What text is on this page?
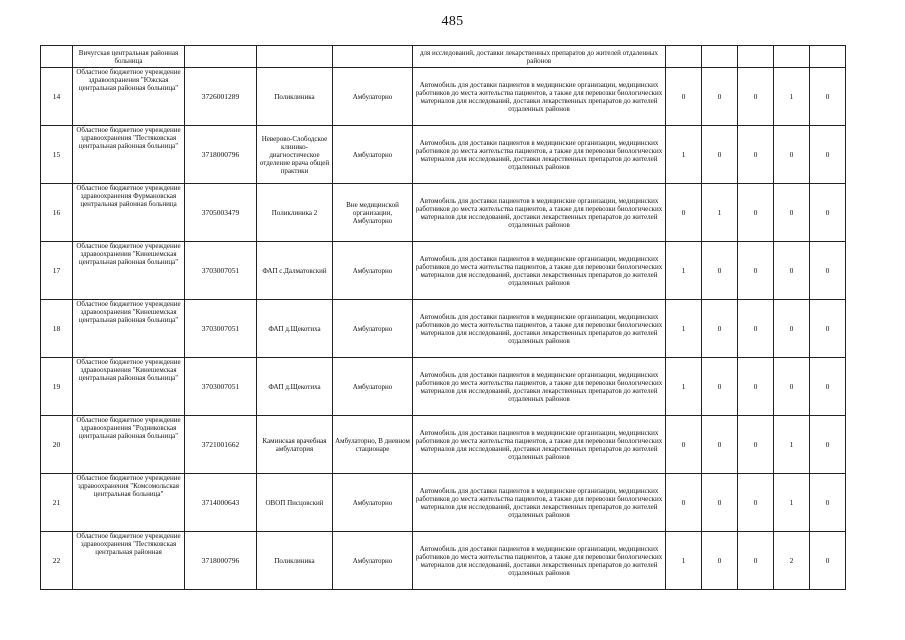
485
	Вичугская центральная районная больница				для исследований, доставки лекарственных препаратов до жителей отдаленных районов					
14	Областное бюджетное учреждение здравоохранения "Южская центральная районная больница"	3726001289	Поликлиника	Амбулаторно	Автомобиль для доставки пациентов в медицинские организации, медицинских работников до места жительства пациентов, а также для перевозки биологических материалов для исследований, доставки лекарственных препаратов до жителей отдаленных районов	0	0	0	1	0
15	Областное бюджетное учреждение здравоохранения "Пестяковская центральная районная больница"	3718000796	Неверово-Слободское клинико-диагностическое отделение врача общей практики	Амбулаторно	Автомобиль для доставки пациентов в медицинские организации, медицинских работников до места жительства пациентов, а также для перевозки биологических материалов для исследований, доставки лекарственных препаратов до жителей отдаленных районов	1	0	0	0	0
16	Областное бюджетное учреждение здравоохранения Фурмановская центральная районная больница	3705003479	Поликлиника 2	Вне медицинской организации, Амбулаторно	Автомобиль для доставки пациентов в медицинские организации, медицинских работников до места жительства пациентов, а также для перевозки биологических материалов для исследований, доставки лекарственных препаратов до жителей отдаленных районов	0	1	0	0	0
17	Областное бюджетное учреждение здравоохранения "Кинешемская центральная районная больница"	3703007051	ФАП с.Далматовский	Амбулаторно	Автомобиль для доставки пациентов в медицинские организации, медицинских работников до места жительства пациентов, а также для перевозки биологических материалов для исследований, доставки лекарственных препаратов до жителей отдаленных районов	1	0	0	0	0
18	Областное бюджетное учреждение здравоохранения "Кинешемская центральная районная больница"	3703007051	ФАП д.Щекотиха	Амбулаторно	Автомобиль для доставки пациентов в медицинские организации, медицинских работников до места жительства пациентов, а также для перевозки биологических материалов для исследований, доставки лекарственных препаратов до жителей отдаленных районов	1	0	0	0	0
19	Областное бюджетное учреждение здравоохранения "Кинешемская центральная районная больница"	3703007051	ФАП д.Щекотиха	Амбулаторно	Автомобиль для доставки пациентов в медицинские организации, медицинских работников до места жительства пациентов, а также для перевозки биологических материалов для исследований, доставки лекарственных препаратов до жителей отдаленных районов	1	0	0	0	0
20	Областное бюджетное учреждение здравоохранения "Родниковская центральная районная больница"	3721001662	Каминская врачебная амбулатория	Амбулаторно, В дневном стационаре	Автомобиль для доставки пациентов в медицинские организации, медицинских работников до места жительства пациентов, а также для перевозки биологических материалов для исследований, доставки лекарственных препаратов до жителей отдаленных районов	0	0	0	1	0
21	Областное бюджетное учреждение здравоохранения "Комсомольская центральная больница"	3714000643	ОВОП Писцовский	Амбулаторно	Автомобиль для доставки пациентов в медицинские организации, медицинских работников до места жительства пациентов, а также для перевозки биологических материалов для исследований, доставки лекарственных препаратов до жителей отдаленных районов	0	0	0	1	0
22	Областное бюджетное учреждение здравоохранения "Пестяковская центральная районная	3718000796	Поликлиника	Амбулаторно	Автомобиль для доставки пациентов в медицинские организации, медицинских работников до места жительства пациентов, а также для перевозки биологических материалов для исследований, доставки лекарственных препаратов до жителей отдаленных районов	1	0	0	2	0
